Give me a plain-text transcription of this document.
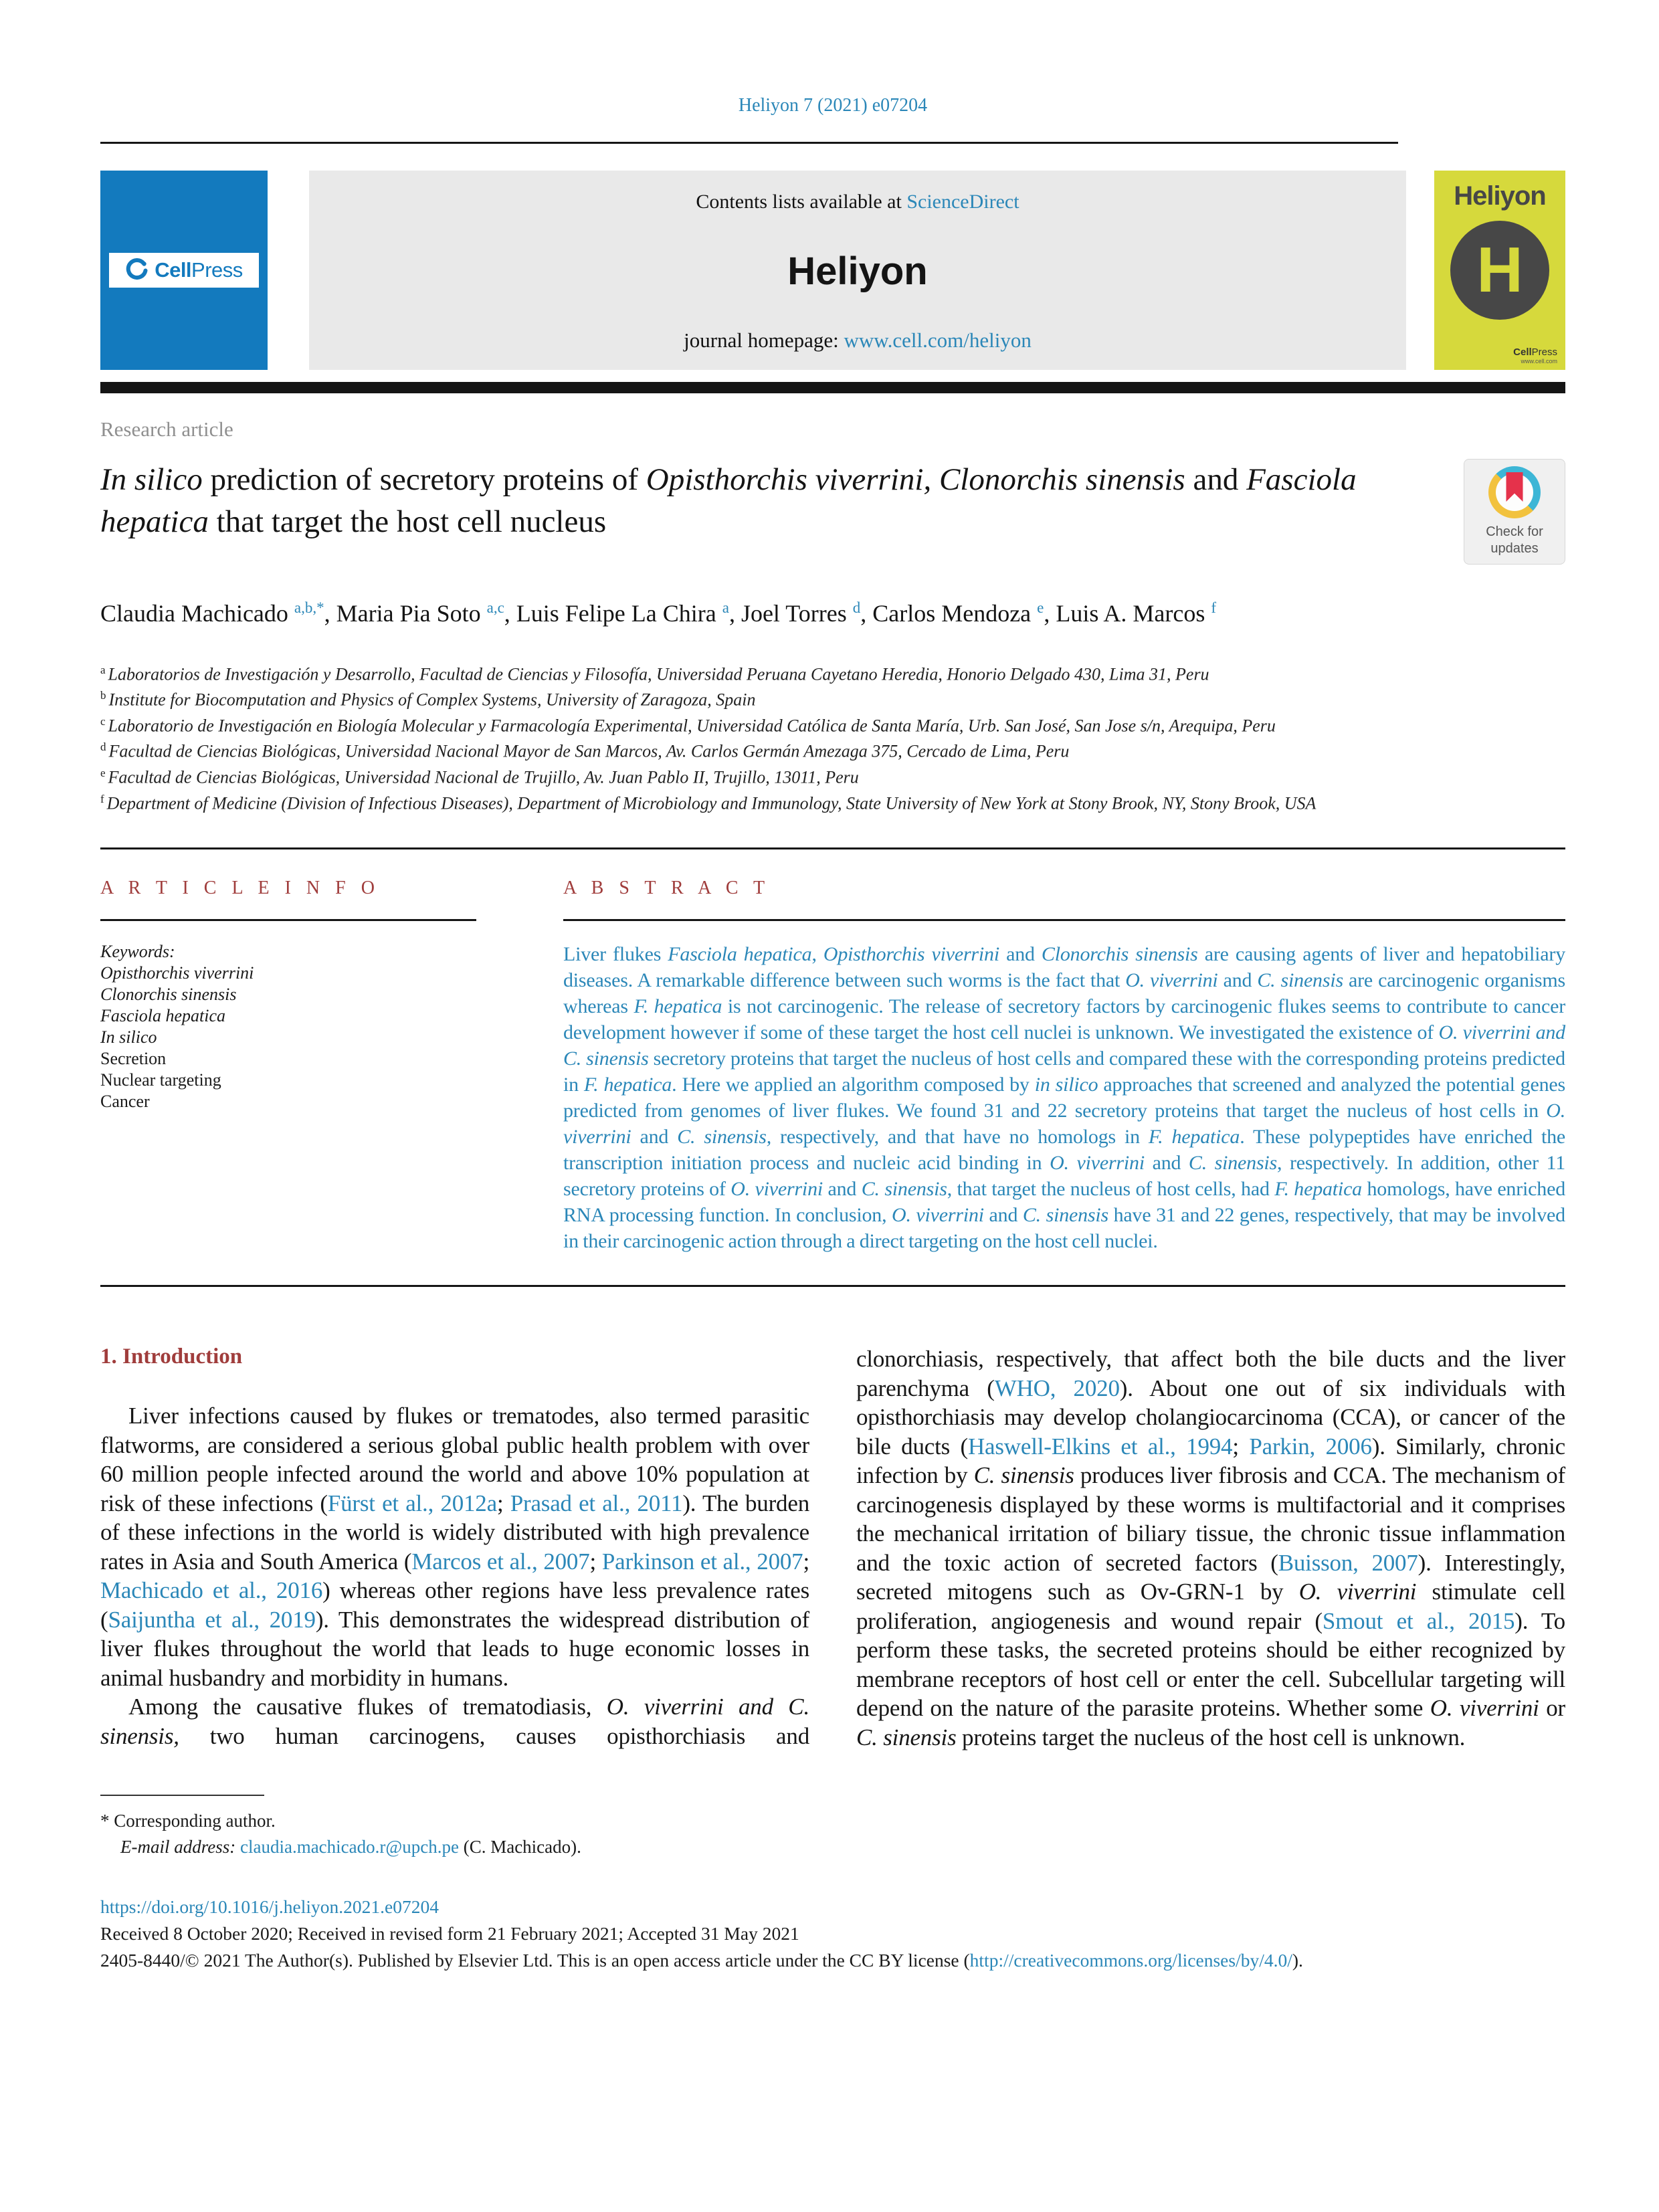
Heliyon 7 (2021) e07204
CellPress
Contents lists available at ScienceDirect
Heliyon
journal homepage: www.cell.com/heliyon
Heliyon
H
CellPress
www.cell.com
Research article
In silico prediction of secretory proteins of Opisthorchis viverrini, Clonorchis sinensis and Fasciola hepatica that target the host cell nucleus	Check for updates
Claudia Machicado $^{a,b,*}$, Maria Pia Soto $^{a,c}$, Luis Felipe La Chira $^a$, Joel Torres $^d$, Carlos Mendoza $^e$, Luis A. Marcos $^f$
$^a$ Laboratorios de Investigación y Desarrollo, Facultad de Ciencias y Filosofía, Universidad Peruana Cayetano Heredia, Honorio Delgado 430, Lima 31, Peru
$^b$ Institute for Biocomputation and Physics of Complex Systems, University of Zaragoza, Spain
$^c$ Laboratorio de Investigación en Biología Molecular y Farmacología Experimental, Universidad Católica de Santa María, Urb. San José, San Jose s/n, Arequipa, Peru
$^d$ Facultad de Ciencias Biológicas, Universidad Nacional Mayor de San Marcos, Av. Carlos Germán Amezaga 375, Cercado de Lima, Peru
$^e$ Facultad de Ciencias Biológicas, Universidad Nacional de Trujillo, Av. Juan Pablo II, Trujillo, 13011, Peru
$^f$ Department of Medicine (Division of Infectious Diseases), Department of Microbiology and Immunology, State University of New York at Stony Brook, NY, Stony Brook, USA
A R T I C L E I N F O
Keywords:
Opisthorchis viverrini
Clonorchis sinensis
Fasciola hepatica
In silico
Secretion
Nuclear targeting
Cancer
A B S T R A C T
Liver flukes Fasciola hepatica, Opisthorchis viverrini and Clonorchis sinensis are causing agents of liver and hepatobiliary diseases. A remarkable difference between such worms is the fact that O. viverrini and C. sinensis are carcinogenic organisms whereas F. hepatica is not carcinogenic. The release of secretory factors by carcinogenic flukes seems to contribute to cancer development however if some of these target the host cell nuclei is unknown. We investigated the existence of O. viverrini and C. sinensis secretory proteins that target the nucleus of host cells and compared these with the corresponding proteins predicted in F. hepatica. Here we applied an algorithm composed by in silico approaches that screened and analyzed the potential genes predicted from genomes of liver flukes. We found 31 and 22 secretory proteins that target the nucleus of host cells in O. viverrini and C. sinensis, respectively, and that have no homologs in F. hepatica. These polypeptides have enriched the transcription initiation process and nucleic acid binding in O. viverrini and C. sinensis, respectively. In addition, other 11 secretory proteins of O. viverrini and C. sinensis, that target the nucleus of host cells, had F. hepatica homologs, have enriched RNA processing function. In conclusion, O. viverrini and C. sinensis have 31 and 22 genes, respectively, that may be involved in their carcinogenic action through a direct targeting on the host cell nuclei.
1. Introduction

Liver infections caused by flukes or trematodes, also termed parasitic flatworms, are considered a serious global public health problem with over 60 million people infected around the world and above 10% population at risk of these infections (Fürst et al., 2012a; Prasad et al., 2011). The burden of these infections in the world is widely distributed with high prevalence rates in Asia and South America (Marcos et al., 2007; Parkinson et al., 2007; Machicado et al., 2016) whereas other regions have less prevalence rates (Saijuntha et al., 2019). This demonstrates the widespread distribution of liver flukes throughout the world that leads to huge economic losses in animal husbandry and morbidity in humans.

Among the causative flukes of trematodiasis, O. viverrini and C. sinensis, two human carcinogens, causes opisthorchiasis and

clonorchiasis, respectively, that affect both the bile ducts and the liver parenchyma (WHO, 2020). About one out of six individuals with opisthorchiasis may develop cholangiocarcinoma (CCA), or cancer of the bile ducts (Haswell-Elkins et al., 1994; Parkin, 2006). Similarly, chronic infection by C. sinensis produces liver fibrosis and CCA. The mechanism of carcinogenesis displayed by these worms is multifactorial and it comprises the mechanical irritation of biliary tissue, the chronic tissue inflammation and the toxic action of secreted factors (Buisson, 2007). Interestingly, secreted mitogens such as Ov-GRN-1 by O. viverrini stimulate cell proliferation, angiogenesis and wound repair (Smout et al., 2015). To perform these tasks, the secreted proteins should be either recognized by membrane receptors of host cell or enter the cell. Subcellular targeting will depend on the nature of the parasite proteins. Whether some O. viverrini or C. sinensis proteins target the nucleus of the host cell is unknown.

* Corresponding author.
E-mail address: claudia.machicado.r@upch.pe (C. Machicado).
https://doi.org/10.1016/j.heliyon.2021.e07204
Received 8 October 2020; Received in revised form 21 February 2021; Accepted 31 May 2021
2405-8440/© 2021 The Author(s). Published by Elsevier Ltd. This is an open access article under the CC BY license (http://creativecommons.org/licenses/by/4.0/).
